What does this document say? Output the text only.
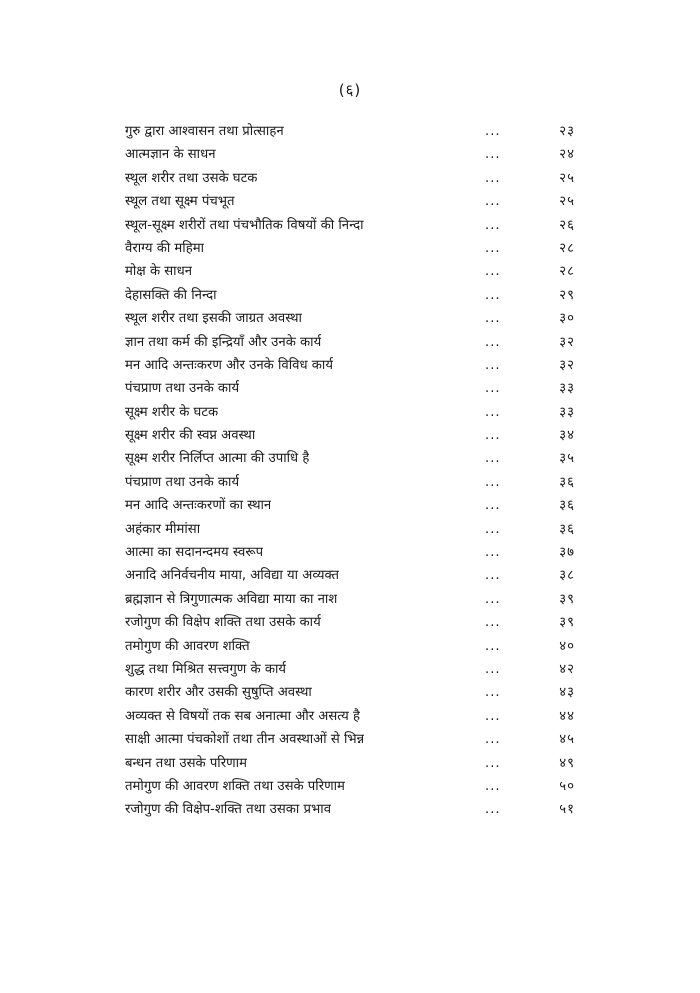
(६)
गुरु द्वारा आश्वासन तथा प्रोत्साहन	...	२३
आत्मज्ञान के साधन	...	२४
स्थूल शरीर तथा उसके घटक	...	२५
स्थूल तथा सूक्ष्म पंचभूत	...	२५
स्थूल-सूक्ष्म शरीरों तथा पंचभौतिक विषयों की निन्दा	...	२६
वैराग्य की महिमा	...	२८
मोक्ष के साधन	...	२८
देहासक्ति की निन्दा	...	२९
स्थूल शरीर तथा इसकी जाग्रत अवस्था	...	३०
ज्ञान तथा कर्म की इन्द्रियाँ और उनके कार्य	...	३२
मन आदि अन्तःकरण और उनके विविध कार्य	...	३२
पंचप्राण तथा उनके कार्य	...	३३
सूक्ष्म शरीर के घटक	...	३३
सूक्ष्म शरीर की स्वप्न अवस्था	...	३४
सूक्ष्म शरीर निर्लिप्त आत्मा की उपाधि है	...	३५
पंचप्राण तथा उनके कार्य	...	३६
मन आदि अन्तःकरणों का स्थान	...	३६
अहंकार मीमांसा	...	३६
आत्मा का सदानन्दमय स्वरूप	...	३७
अनादि अनिर्वचनीय माया, अविद्या या अव्यक्त	...	३८
ब्रह्मज्ञान से त्रिगुणात्मक अविद्या माया का नाश	...	३९
रजोगुण की विक्षेप शक्ति तथा उसके कार्य	...	३९
तमोगुण की आवरण शक्ति	...	४०
शुद्ध तथा मिश्रित सत्त्वगुण के कार्य	...	४२
कारण शरीर और उसकी सुषुप्ति अवस्था	...	४३
अव्यक्त से विषयों तक सब अनात्मा और असत्य है	...	४४
साक्षी आत्मा पंचकोशों तथा तीन अवस्थाओं से भिन्न	...	४५
बन्धन तथा उसके परिणाम	...	४९
तमोगुण की आवरण शक्ति तथा उसके परिणाम	...	५०
रजोगुण की विक्षेप-शक्ति तथा उसका प्रभाव	...	५१
